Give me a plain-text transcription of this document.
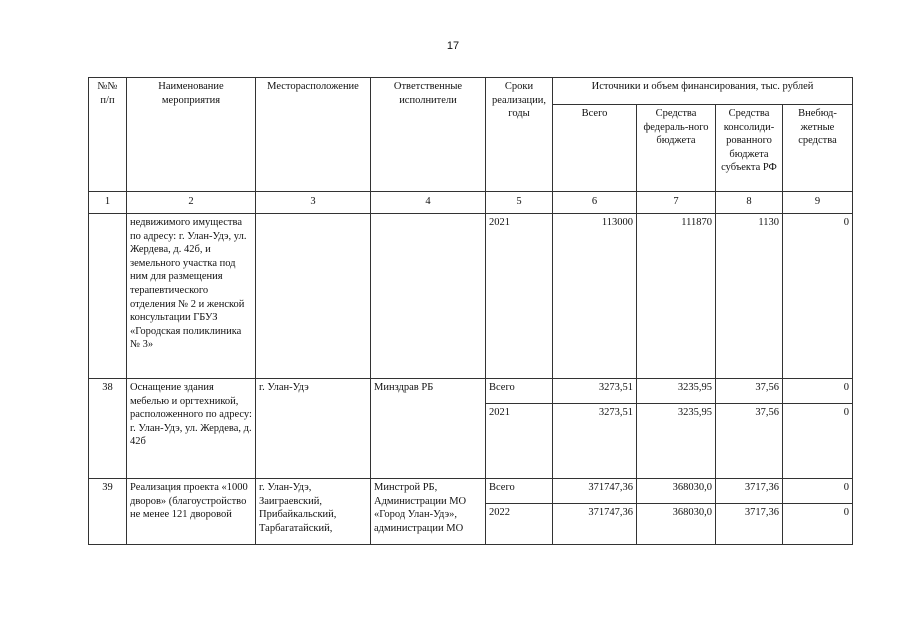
17
№№ п/п	Наименование мероприятия	Месторасположение	Ответственные исполнители	Сроки реализации, годы	Источники и объем финансирования, тыс. рублей			
					Всего	Средства федераль-ного бюджета	Средства консолиди-рованного бюджета субъекта РФ	Внебюд-жетные средства
1	2	3	4	5	6	7	8	9
	недвижимого имущества по адресу: г. Улан-Удэ, ул. Жердева, д. 42б, и земельного участка под ним для размещения терапевтического отделения № 2 и женской консультации ГБУЗ «Городская поликлиника № 3»			2021	113000	111870	1130	0
38	Оснащение здания мебелью и оргтехникой, расположенного по адресу: г. Улан-Удэ, ул. Жердева, д. 42б	г. Улан-Удэ	Минздрав РБ	Всего	3273,51	3235,95	37,56	0
				2021	3273,51	3235,95	37,56	0
39	Реализация проекта «1000 дворов» (благоустройство не менее 121 дворовой	г. Улан-Удэ, Заиграевский, Прибайкальский, Тарбагатайский,	Минстрой РБ, Администрации МО «Город Улан-Удэ», администрации МО	Всего	371747,36	368030,0	3717,36	0
				2022	371747,36	368030,0	3717,36	0
